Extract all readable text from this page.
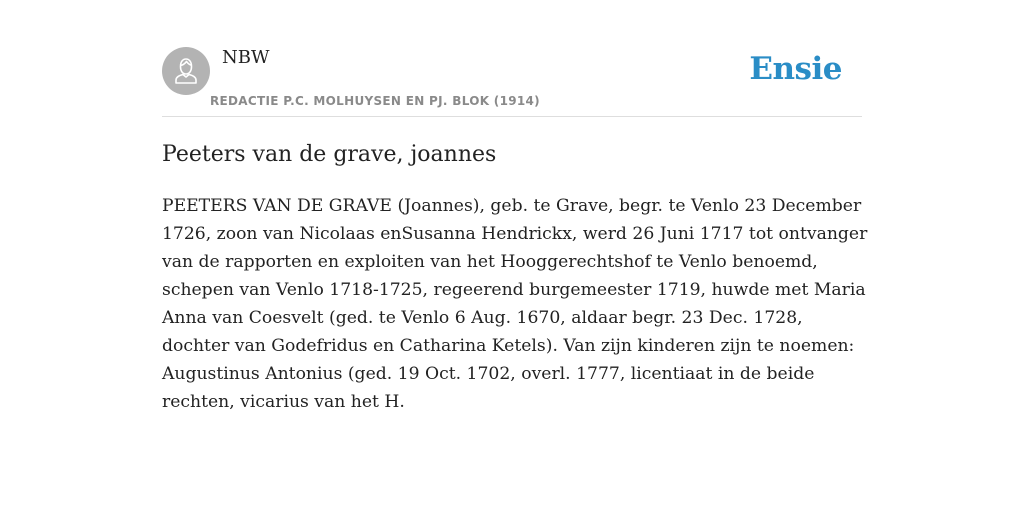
NBW
REDACTIE P.C. MOLHUYSEN EN PJ. BLOK (1914)
Ensie
Peeters van de grave, joannes

PEETERS VAN DE GRAVE (Joannes), geb. te Grave, begr. te Venlo 23 December 1726, zoon van Nicolaas enSusanna Hendrickx, werd 26 Juni 1717 tot ontvanger van de rapporten en exploiten van het Hooggerechtshof te Venlo benoemd, schepen van Venlo 1718-1725, regeerend burgemeester 1719, huwde met Maria Anna van Coesvelt (ged. te Venlo 6 Aug. 1670, aldaar begr. 23 Dec. 1728, dochter van Godefridus en Catharina Ketels). Van zijn kinderen zijn te noemen: Augustinus Antonius (ged. 19 Oct. 1702, overl. 1777, licentiaat in de beide rechten, vicarius van het H.
